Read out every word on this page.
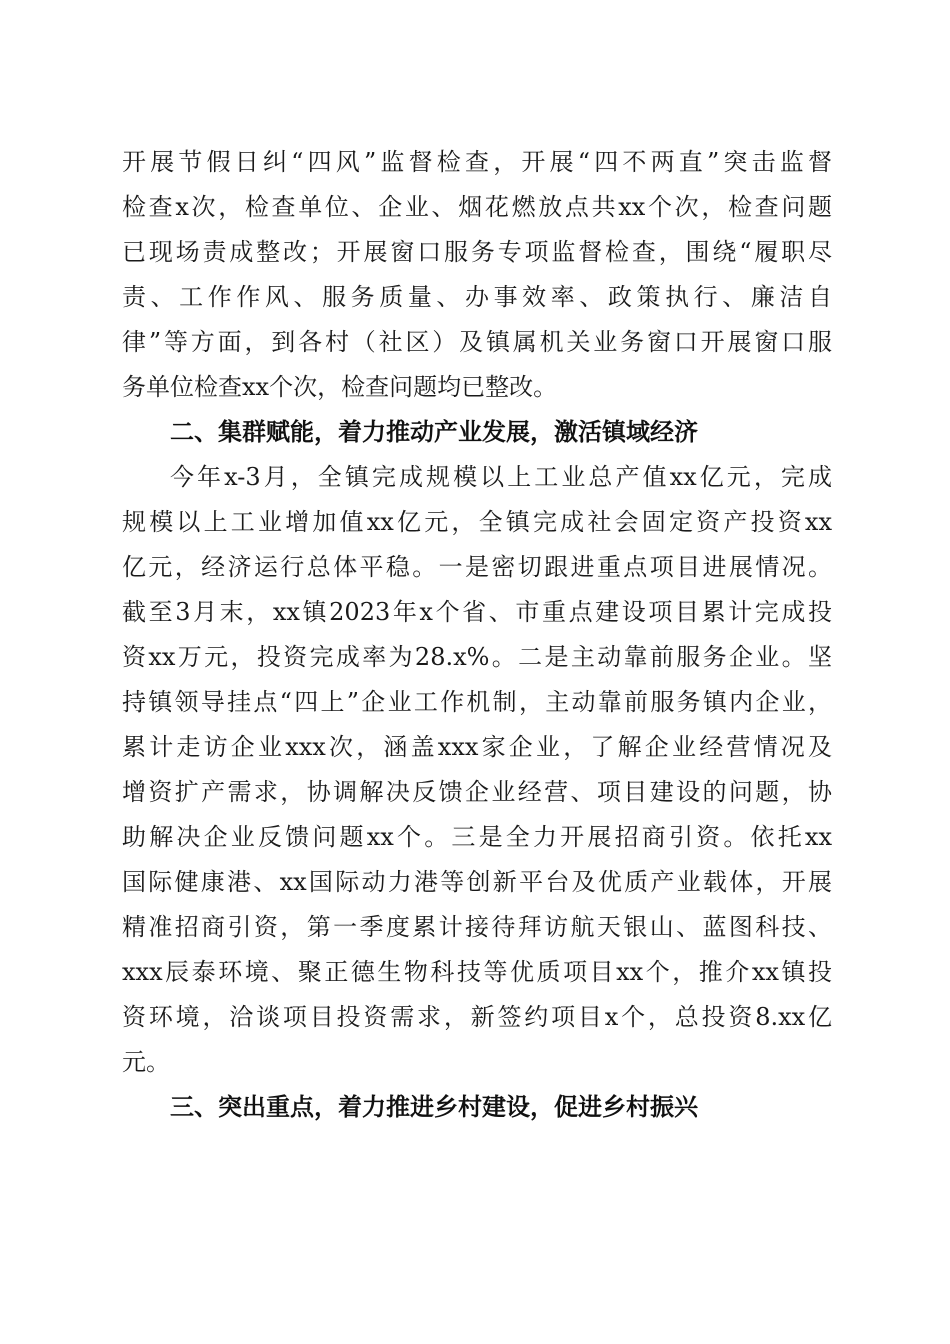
开展节假日纠“四风”监督检查，开展“四不两直”突击监督
检查x次，检查单位、企业、烟花燃放点共xx个次，检查问题
已现场责成整改；开展窗口服务专项监督检查，围绕“履职尽
责、工作作风、服务质量、办事效率、政策执行、廉洁自
律”等方面，到各村（社区）及镇属机关业务窗口开展窗口服
务单位检查xx个次，检查问题均已整改。
二、集群赋能，着力推动产业发展，激活镇域经济
今年x-3月，全镇完成规模以上工业总产值xx亿元，完成
规模以上工业增加值xx亿元，全镇完成社会固定资产投资xx
亿元，经济运行总体平稳。一是密切跟进重点项目进展情况。
截至3月末，xx镇2023年x个省、市重点建设项目累计完成投
资xx万元，投资完成率为28.x%。二是主动靠前服务企业。坚
持镇领导挂点“四上”企业工作机制，主动靠前服务镇内企业，
累计走访企业xxx次，涵盖xxx家企业，了解企业经营情况及
增资扩产需求，协调解决反馈企业经营、项目建设的问题，协
助解决企业反馈问题xx个。三是全力开展招商引资。依托xx
国际健康港、xx国际动力港等创新平台及优质产业载体，开展
精准招商引资，第一季度累计接待拜访航天银山、蓝图科技、
xxx辰泰环境、聚正德生物科技等优质项目xx个，推介xx镇投
资环境，洽谈项目投资需求，新签约项目x个，总投资8.xx亿
元。
三、突出重点，着力推进乡村建设，促进乡村振兴
